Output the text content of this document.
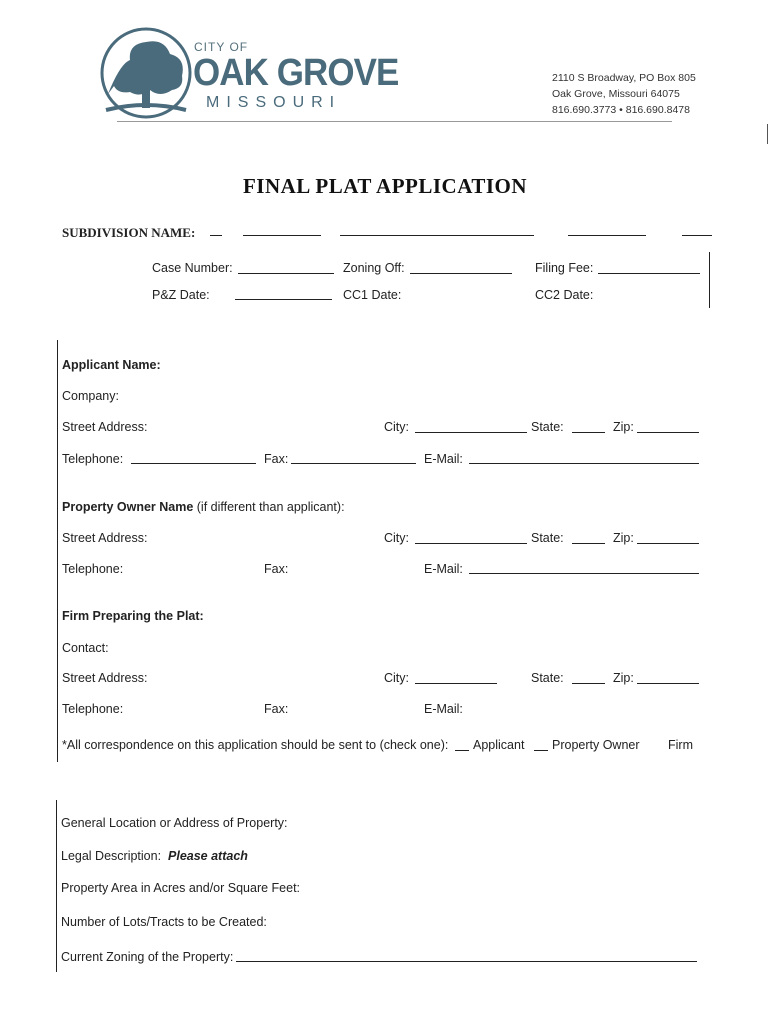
CITY OF
OAK GROVE
MISSOURI
2110 S Broadway, PO Box 805
Oak Grove, Missouri 64075
816.690.3773 • 816.690.8478
FINAL PLAT APPLICATION
SUBDIVISION NAME:
Case Number:	Zoning Off:	Filing Fee:
P&Z Date:	CC1 Date:	CC2 Date:
Applicant Name:
Company:
Street Address:	City:	State:	Zip:
Telephone:	Fax:	E-Mail:
Property Owner Name (if different than applicant):
Street Address:	City:	State:	Zip:
Telephone:	Fax:	E-Mail:
Firm Preparing the Plat:
Contact:
Street Address:	City:	State:	Zip:
Telephone:	Fax:	E-Mail:
*All correspondence on this application should be sent to (check one): Applicant Property Owner Firm
General Location or Address of Property:
Legal Description: Please attach
Property Area in Acres and/or Square Feet:
Number of Lots/Tracts to be Created:
Current Zoning of the Property:
